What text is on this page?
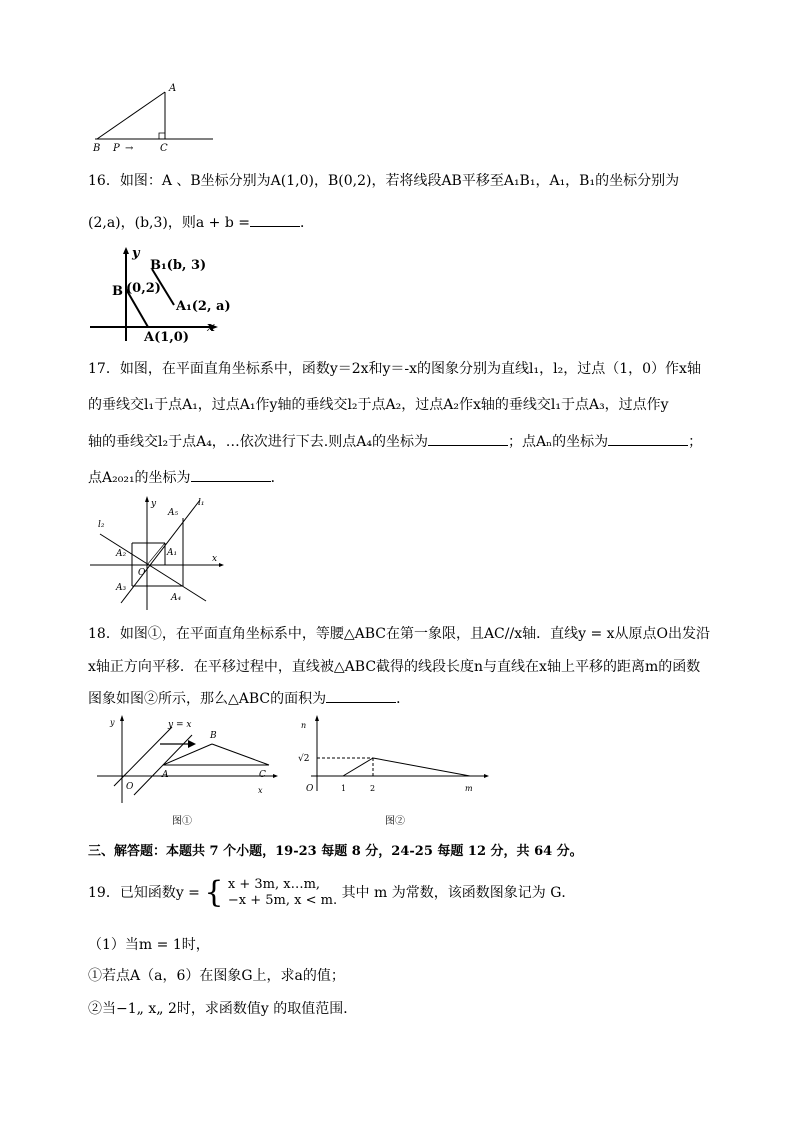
A
B P →	C
16．如图：A 、B坐标分别为A(1,0)，B(0,2)，若将线段AB平移至A₁B₁，A₁，B₁的坐标分别为
(2,a)，(b,3)，则a + b =	．
y
x
B (0,2)
A(1,0)
A₁(2, a)
B₁(b, 3)
17．如图，在平面直角坐标系中，函数y＝2x和y＝-x的图象分别为直线l₁，l₂，过点（1，0）作x轴
的垂线交l₁于点A₁，过点A₁作y轴的垂线交l₂于点A₂，过点A₂作x轴的垂线交l₁于点A₃，过点作y
轴的垂线交l₂于点A₄，…依次进行下去.则点A₄的坐标为	；点Aₙ的坐标为	；
点A₂₀₂₁的坐标为	．
y
x
l₁
l₂
A₅
A₁
A₂
A₃
A₄
O
18．如图①，在平面直角坐标系中，等腰△ABC在第一象限，且AC//x轴．直线y = x从原点O出发沿
x轴正方向平移．在平移过程中，直线被△ABC截得的线段长度n与直线在x轴上平移的距离m的函数
图象如图②所示，那么△ABC的面积为	．
y	y = x
B
A	C
O	x
图①
n
√2
O	1	2	m
图②
三、解答题：本题共 7 个小题，19-23 每题 8 分，24-25 每题 12 分，共 64 分。
19．已知函数y = { x + 3m, x…m,
−x + 5m, x < m. 其中 m 为常数，该函数图象记为 G．
（1）当m = 1时，
①若点A（a，6）在图象G上，求a的值；
②当−1„ x„ 2时，求函数值y 的取值范围．
